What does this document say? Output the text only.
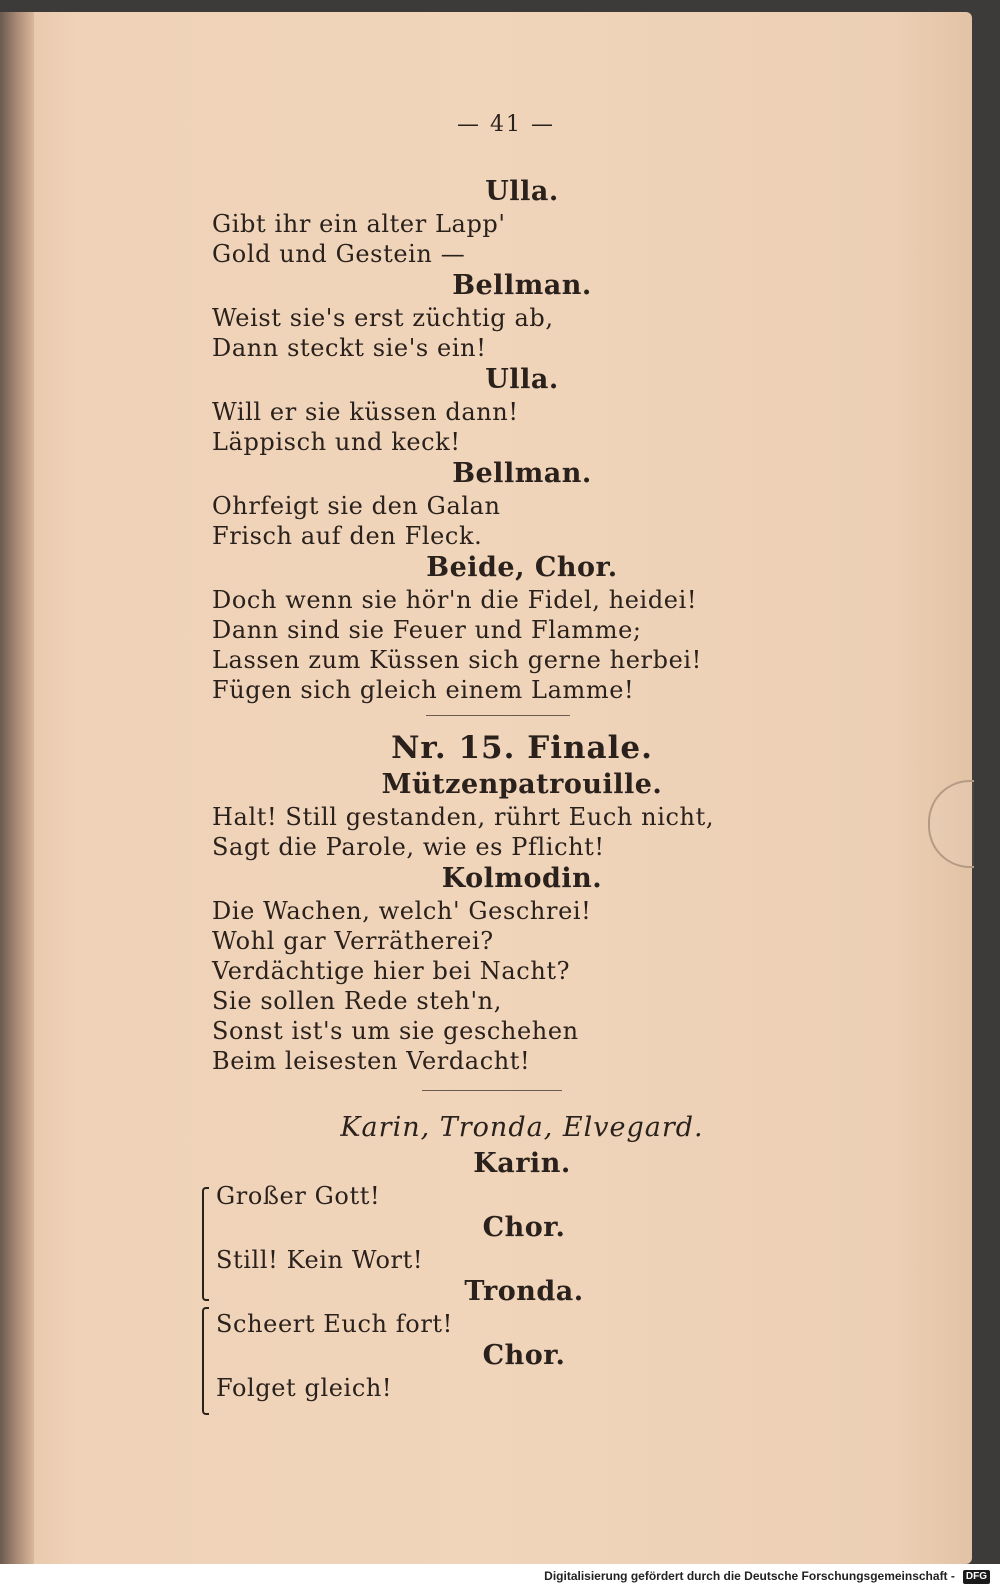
— 41 —
Ulla.
Gibt ihr ein alter Lapp'
Gold und Gestein —
Bellman.
Weist sie's erst züchtig ab,
Dann steckt sie's ein!
Ulla.
Will er sie küssen dann!
Läppisch und keck!
Bellman.
Ohrfeigt sie den Galan
Frisch auf den Fleck.
Beide, Chor.
Doch wenn sie hör'n die Fidel, heidei!
Dann sind sie Feuer und Flamme;
Lassen zum Küssen sich gerne herbei!
Fügen sich gleich einem Lamme!
Nr. 15. Finale.
Mützenpatrouille.
Halt! Still gestanden, rührt Euch nicht,
Sagt die Parole, wie es Pflicht!
Kolmodin.
Die Wachen, welch' Geschrei!
Wohl gar Verrätherei?
Verdächtige hier bei Nacht?
Sie sollen Rede steh'n,
Sonst ist's um sie geschehen
Beim leisesten Verdacht!
Karin, Tronda, Elvegard.
Karin.
Großer Gott!
Chor.
Still! Kein Wort!
Tronda.
Scheert Euch fort!
Chor.
Folget gleich!
Digitalisierung gefördert durch die Deutsche Forschungsgemeinschaft - DFG
